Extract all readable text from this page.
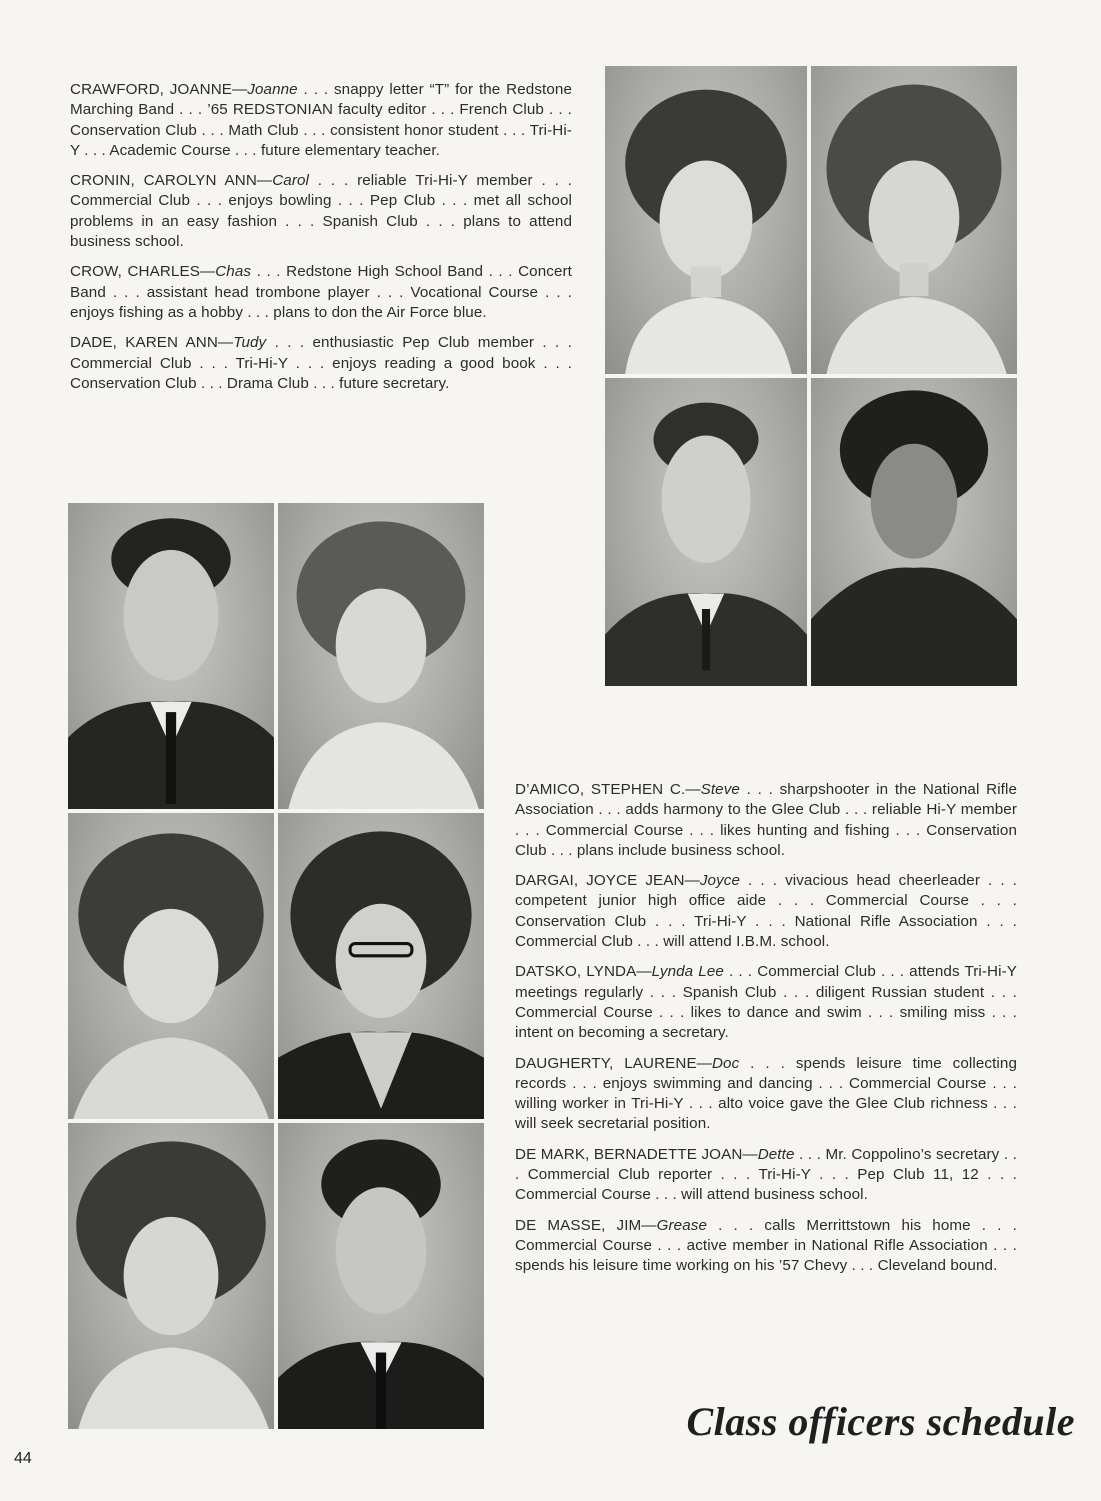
CRAWFORD, JOANNE—Joanne . . . snappy letter “T” for the Redstone Marching Band . . . ’65 REDSTONIAN faculty editor . . . French Club . . . Conservation Club . . . Math Club . . . consistent honor student . . . Tri-Hi-Y . . . Academic Course . . . future elementary teacher.

CRONIN, CAROLYN ANN—Carol . . . reliable Tri-Hi-Y member . . . Commercial Club . . . enjoys bowling . . . Pep Club . . . met all school problems in an easy fashion . . . Spanish Club . . . plans to attend business school.

CROW, CHARLES—Chas . . . Redstone High School Band . . . Concert Band . . . assistant head trombone player . . . Vocational Course . . . enjoys fishing as a hobby . . . plans to don the Air Force blue.

DADE, KAREN ANN—Tudy . . . enthusiastic Pep Club member . . . Commercial Club . . . Tri-Hi-Y . . . enjoys reading a good book . . . Conservation Club . . . Drama Club . . . future secretary.

D’AMICO, STEPHEN C.—Steve . . . sharpshooter in the National Rifle Association . . . adds harmony to the Glee Club . . . reliable Hi-Y member . . . Commercial Course . . . likes hunting and fishing . . . Conservation Club . . . plans include business school.

DARGAI, JOYCE JEAN—Joyce . . . vivacious head cheerleader . . . competent junior high office aide . . . Commercial Course . . . Conservation Club . . . Tri-Hi-Y . . . National Rifle Association . . . Commercial Club . . . will attend I.B.M. school.

DATSKO, LYNDA—Lynda Lee . . . Commercial Club . . . attends Tri-Hi-Y meetings regularly . . . Spanish Club . . . diligent Russian student . . . Commercial Course . . . likes to dance and swim . . . smiling miss . . . intent on becoming a secretary.

DAUGHERTY, LAURENE—Doc . . . spends leisure time collecting records . . . enjoys swimming and dancing . . . Commercial Course . . . willing worker in Tri-Hi-Y . . . alto voice gave the Glee Club richness . . . will seek secretarial position.

DE MARK, BERNADETTE JOAN—Dette . . . Mr. Coppolino’s secretary . . . Commercial Club reporter . . . Tri-Hi-Y . . . Pep Club 11, 12 . . . Commercial Course . . . will attend business school.

DE MASSE, JIM—Grease . . . calls Merrittstown his home . . . Commercial Course . . . active member in National Rifle Association . . . spends his leisure time working on his ’57 Chevy . . . Cleveland bound.

Class officers schedule
44
